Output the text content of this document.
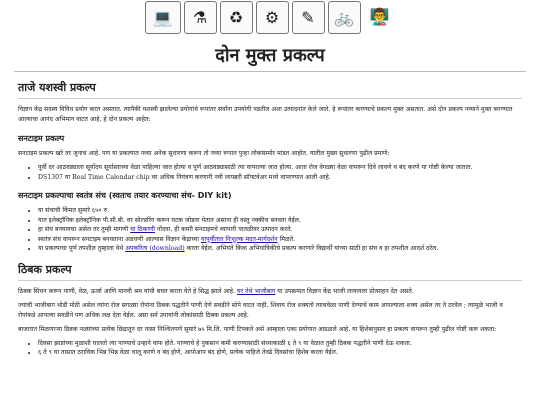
💻	⚗	♻	⚙	✎	🚲 👨‍🏫
दोन मुक्त प्रकल्प
ताजे यशस्वी प्रकल्प

विज्ञान केंद्र सदस्य विविध प्रयोग करत असतात. त्यापैकी यशस्वी झालेल्या प्रयोगांचे रूपांतर सर्वांना उपयोगी पडतील अशा उत्पादनांत केले जाते. हे रूपांतर करण्याचे प्रकल्प मुक्त असतात. असे दोन प्रकल्प नव्याने मुक्त करण्यात आल्याचा आनंद अभिमान वाटत आहे. हे दोन प्रकल्प आहेत:

सनटाइम प्रकल्प

सनटाइम प्रकल्प खरे तर जुनाच आहे. पण या प्रकल्पात नव्या अनेक सुधारणा करून तो नव्या रूपात पुन्हा लोकांसमोर मांडत आहोत. यातील मुख्य सुधारणा पुढील प्रमाणे:

• पूर्वी दर आठवड्याला सूर्योदय सूर्यास्ताच्या वेळा पाहिल्या जात होत्या व पूर्ण आठवड्यासाठी त्या वापरल्या जात होत्या. आता रोज वेगळ्या वेळा वापरून दिवे लावणे व बंद करणे या गोष्टी केल्या जातात.
• DS1307 या Real Time Calendar chip वर अधिक नियंत्रण करणारी नवी लायब्ररी सॉफ्टवेअर मध्ये वापरण्यात आली आहे.
सनटाइम प्रकल्पाचा स्वतंत्र संच (स्वतःच तयार करण्याचा संच- DIY kit)
• या संचाची किंमत सुमारे ६५० रु.
• यात इलेक्ट्रॉनिक इलेक्ट्रॉनिक पी.सी.बी. वर सोल्डरिंग करून घटक जोडता येतात असाना ही वस्तू नक्कीच बनवता येईल.
• हा संच बनवायचा असेल तर तुम्ही मागणी या ठिकाणी नोंदवा. ही कमाी सनटाइमचे व्यापारी पातळीवर उत्पादन करते.
• स्वतंत्र संच वापरून सनटाइम बनवताना अडचणी आल्यास विज्ञान केंद्राच्या यापूर्वीतात निःशुल्क मदत-मार्गदर्शन मिळते.
• या प्रकल्पाचा पूर्ण तपशील तुम्हाला येथे अपकरिता (download) करता येईल. अभियंते किंवा अभियांत्रिकीचे प्रकल्प करणारे विद्यार्थी यांच्या साठी हा संच व हा तपशील आदर्श ठरेल.
ठिबक प्रकल्प

ठिबक सिंचन करून पाणी, वेळ, ऊर्जा आणि मानवी श्रम यांची बचत करता येते हे सिद्ध झाले आहे. घर तेथे भाजीबाग या उपक्रमात विज्ञान केंद्र भाजी लावायला प्रोत्साहन देत असते.

ज्यांची भाजीबाग थोडी मोठी असेल त्यांना रोज सगळ्या रोपांना ठिबक पद्धतीने पाणी देणे सवडीने सोपे वाटत नाही. शिवाय रोज शक्यतो त्याचवेळा पाणी देण्याचे काम आपल्याला शक्य असेल तर ते ठरवेल ; त्यामुळे भाजी व रोपांकडे आपल्या सवडीने पण अधिक लक्ष देता येईल. असा सर्व उपायांनी लोकांसाठी ठिबक प्रकल्प आहे.

बाजारात मिळणाऱ्या ठिबक नळ्यांच्या प्रत्येक छिद्रातून दर तासा निश्चितपणे सुमारे ७५ मि.लि. पाणी टिपकते असे आम्हाला एका प्रयोगात आढळले आहे. या हिशेबानुसार हा प्रकल्प वापरून तुम्ही पुढील गोष्टी करू शकता:

• दिवसा झाडांच्या मुळाशी घालतो त्या पाण्याचे उन्हाने वाफ होते. पाण्याचे हे नुकसान कमी करण्यासाठी संध्याकाळी ६ ते ९ या वेळात तुम्ही ठिबक पद्धतीने पाणी देऊ शकता.
• ६ ते ९ या तासात ठराविक भिन्न भिन्न वेळा चालू करणे व बंद होणे, आपोआप बंद होणे, प्रत्येक पाहिजे तेवढे दिवसांचा हिशेब करता येईल.
